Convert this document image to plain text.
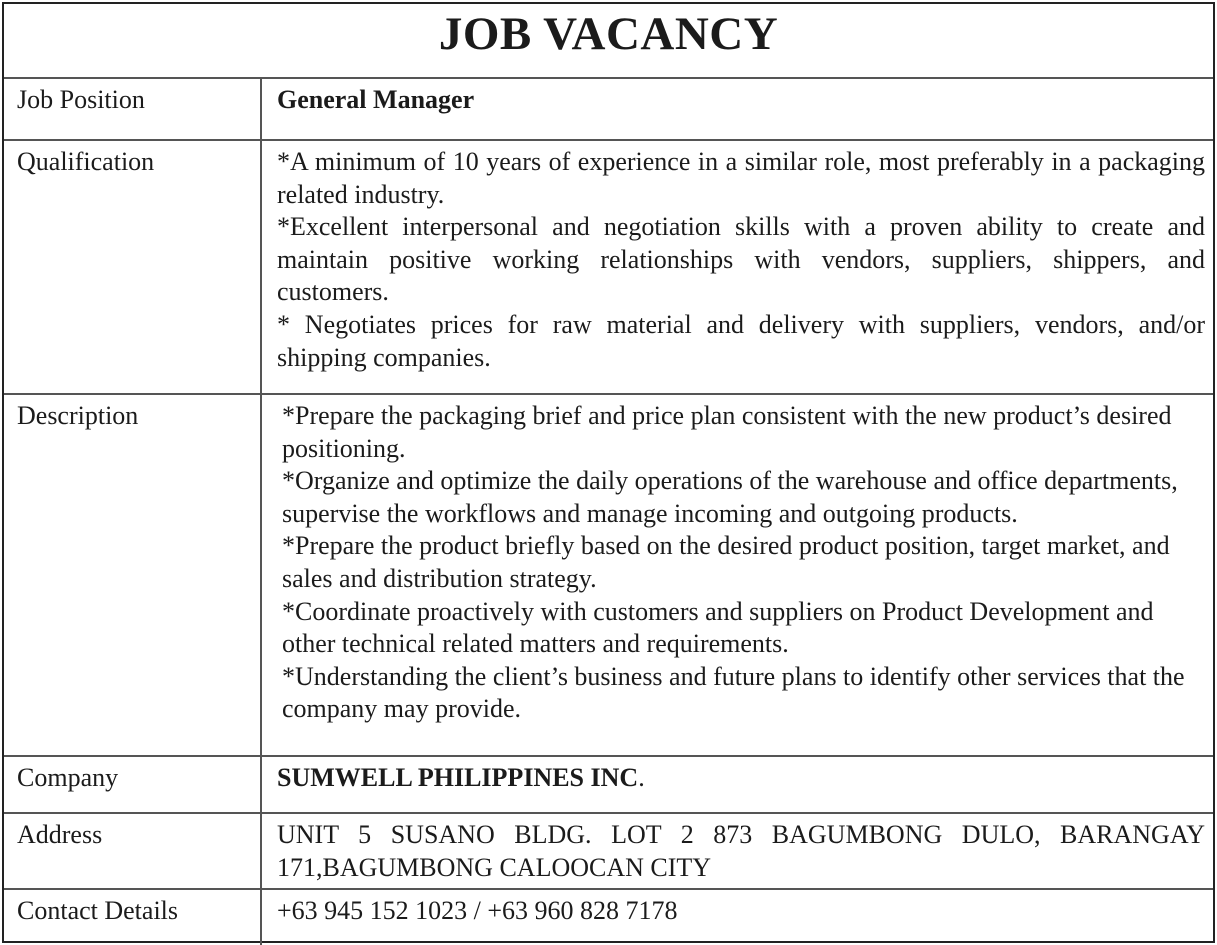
JOB VACANCY
Job Position	General Manager
Qualification	*A minimum of 10 years of experience in a similar role, most preferably in a packaging related industry.

*Excellent interpersonal and negotiation skills with a proven ability to create and maintain positive working relationships with vendors, suppliers, shippers, and customers.

* Negotiates prices for raw material and delivery with suppliers, vendors, and/or shipping companies.

Description	*Prepare the packaging brief and price plan consistent with the new product’s desired positioning.

*Organize and optimize the daily operations of the warehouse and office departments, supervise the workflows and manage incoming and outgoing products.

*Prepare the product briefly based on the desired product position, target market, and sales and distribution strategy.

*Coordinate proactively with customers and suppliers on Product Development and other technical related matters and requirements.

*Understanding the client’s business and future plans to identify other services that the company may provide.

Company	SUMWELL PHILIPPINES INC.
Address	UNIT 5 SUSANO BLDG. LOT 2 873 BAGUMBONG DULO, BARANGAY 171,BAGUMBONG CALOOCAN CITY

Contact Details	+63 945 152 1023 / +63 960 828 7178
